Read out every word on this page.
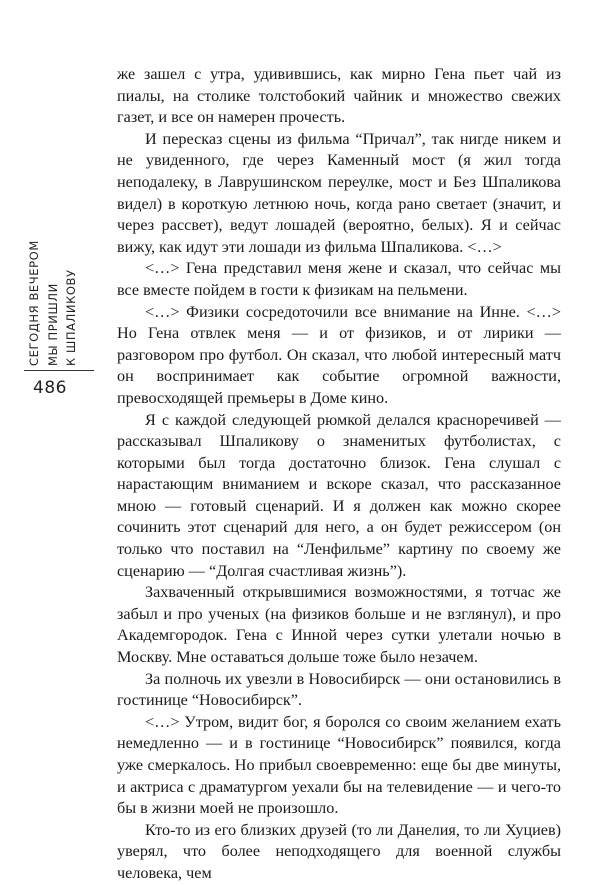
СЕГОДНЯ ВЕЧЕРОМ МЫ ПРИШЛИ К ШПАЛИКОВУ
486

же зашел с утра, удивившись, как мирно Гена пьет чай из пиалы, на столике толстобокий чайник и множество свежих газет, и все он намерен прочесть.

И пересказ сцены из фильма “Причал”, так нигде никем и не увиденного, где через Каменный мост (я жил тогда неподалеку, в Лаврушинском переулке, мост и Без Шпаликова видел) в короткую летнюю ночь, когда рано светает (значит, и через рассвет), ведут лошадей (вероятно, белых). Я и сейчас вижу, как идут эти лошади из фильма Шпаликова. <…>

<…> Гена представил меня жене и сказал, что сейчас мы все вместе пойдем в гости к физикам на пельмени.

<…> Физики сосредоточили все внимание на Инне. <…> Но Гена отвлек меня — и от физиков, и от лирики — разговором про футбол. Он сказал, что любой интересный матч он воспринимает как событие огромной важности, превосходящей премьеры в Доме кино.

Я с каждой следующей рюмкой делался красноречивей — рассказывал Шпаликову о знаменитых футболистах, с которыми был тогда достаточно близок. Гена слушал с нарастающим вниманием и вскоре сказал, что рассказанное мною — готовый сценарий. И я должен как можно скорее сочинить этот сценарий для него, а он будет режиссером (он только что поставил на “Ленфильме” картину по своему же сценарию — “Долгая счастливая жизнь”).

Захваченный открывшимися возможностями, я тотчас же забыл и про ученых (на физиков больше и не взглянул), и про Академгородок. Гена с Инной через сутки улетали ночью в Москву. Мне оставаться дольше тоже было незачем.

За полночь их увезли в Новосибирск — они остановились в гостинице “Новосибирск”.

<…> Утром, видит бог, я боролся со своим желанием ехать немедленно — и в гостинице “Новосибирск” появился, когда уже смеркалось. Но прибыл своевременно: еще бы две минуты, и актриса с драматургом уехали бы на телевидение — и чего-то бы в жизни моей не произошло.

Кто-то из его близких друзей (то ли Данелия, то ли Хуциев) уверял, что более неподходящего для военной службы человека, чем
